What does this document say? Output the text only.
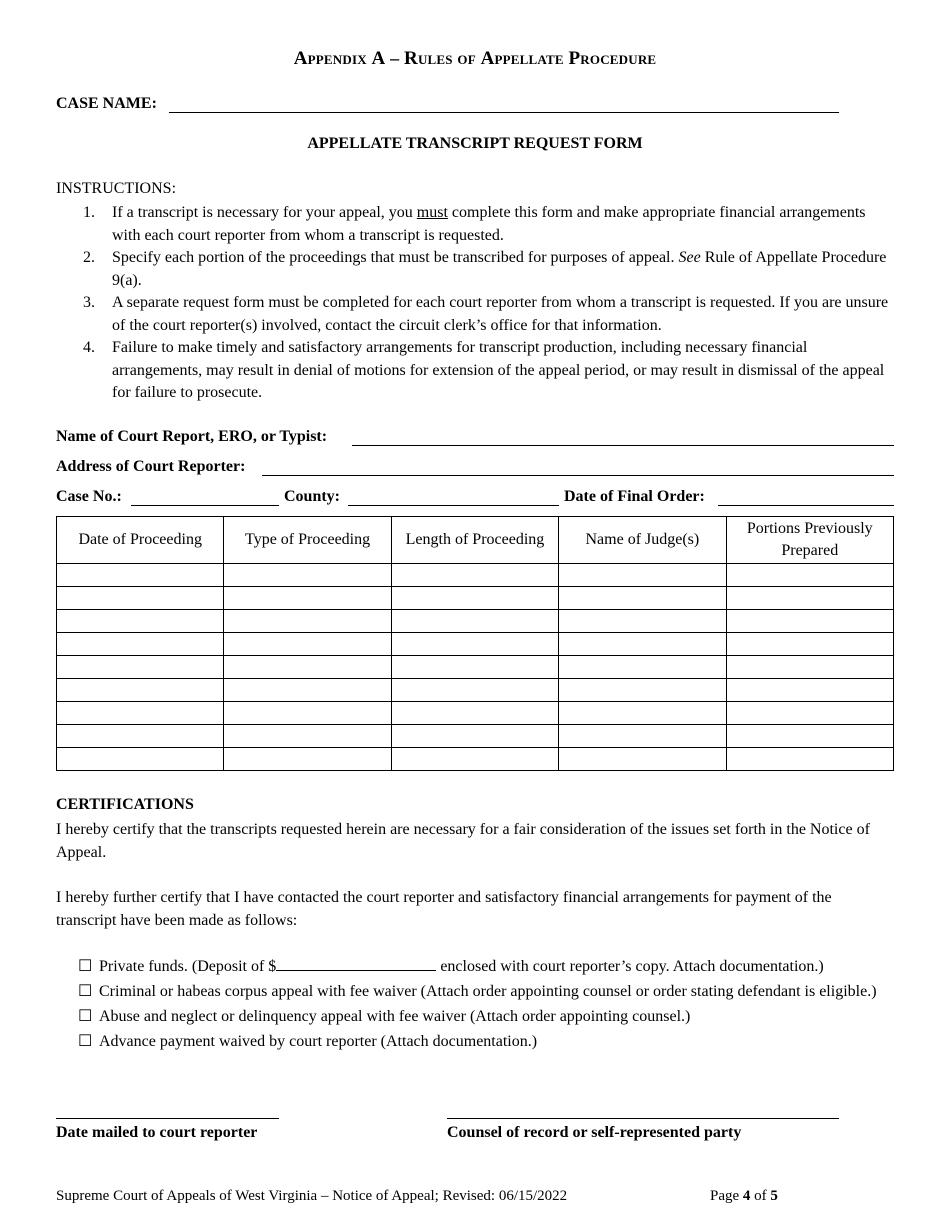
Appendix A – Rules of Appellate Procedure
CASE NAME:
APPELLATE TRANSCRIPT REQUEST FORM
INSTRUCTIONS:
1. If a transcript is necessary for your appeal, you must complete this form and make appropriate financial arrangements with each court reporter from whom a transcript is requested.
2. Specify each portion of the proceedings that must be transcribed for purposes of appeal. See Rule of Appellate Procedure 9(a).
3. A separate request form must be completed for each court reporter from whom a transcript is requested. If you are unsure of the court reporter(s) involved, contact the circuit clerk’s office for that information.
4. Failure to make timely and satisfactory arrangements for transcript production, including necessary financial arrangements, may result in denial of motions for extension of the appeal period, or may result in dismissal of the appeal for failure to prosecute.
Name of Court Report, ERO, or Typist:
Address of Court Reporter:
Case No.:	County:	Date of Final Order:
Date of Proceeding	Type of Proceeding	Length of Proceeding	Name of Judge(s)	Portions Previously Prepared

CERTIFICATIONS
I hereby certify that the transcripts requested herein are necessary for a fair consideration of the issues set forth in the Notice of Appeal.
I hereby further certify that I have contacted the court reporter and satisfactory financial arrangements for payment of the transcript have been made as follows:
☐ Private funds. (Deposit of $	enclosed with court reporter’s copy. Attach documentation.)
☐ Criminal or habeas corpus appeal with fee waiver (Attach order appointing counsel or order stating defendant is eligible.)
☐ Abuse and neglect or delinquency appeal with fee waiver (Attach order appointing counsel.)
☐ Advance payment waived by court reporter (Attach documentation.)
Date mailed to court reporter	Counsel of record or self-represented party
Supreme Court of Appeals of West Virginia – Notice of Appeal; Revised: 06/15/2022	Page 4 of 5
